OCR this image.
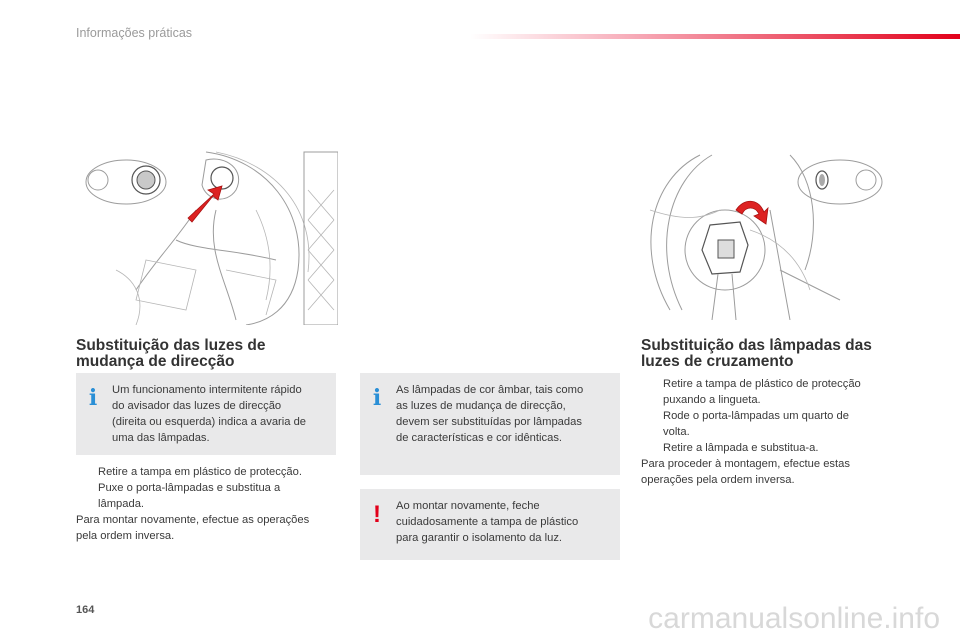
Informações práticas
Substituição das luzes de
mudança de direcção
i Um funcionamento intermitente rápido
do avisador das luzes de direcção
(direita ou esquerda) indica a avaria de
uma das lâmpadas.
Retire a tampa em plástico de protecção.
Puxe o porta-lâmpadas e substitua a
lâmpada.
Para montar novamente, efectue as operações
pela ordem inversa.
i As lâmpadas de cor âmbar, tais como
as luzes de mudança de direcção,
devem ser substituídas por lâmpadas
de características e cor idênticas.
! Ao montar novamente, feche
cuidadosamente a tampa de plástico
para garantir o isolamento da luz.
Substituição das lâmpadas das
luzes de cruzamento
Retire a tampa de plástico de protecção
puxando a lingueta.
Rode o porta-lâmpadas um quarto de
volta.
Retire a lâmpada e substitua-a.
Para proceder à montagem, efectue estas
operações pela ordem inversa.
164	carmanualsonline.info
